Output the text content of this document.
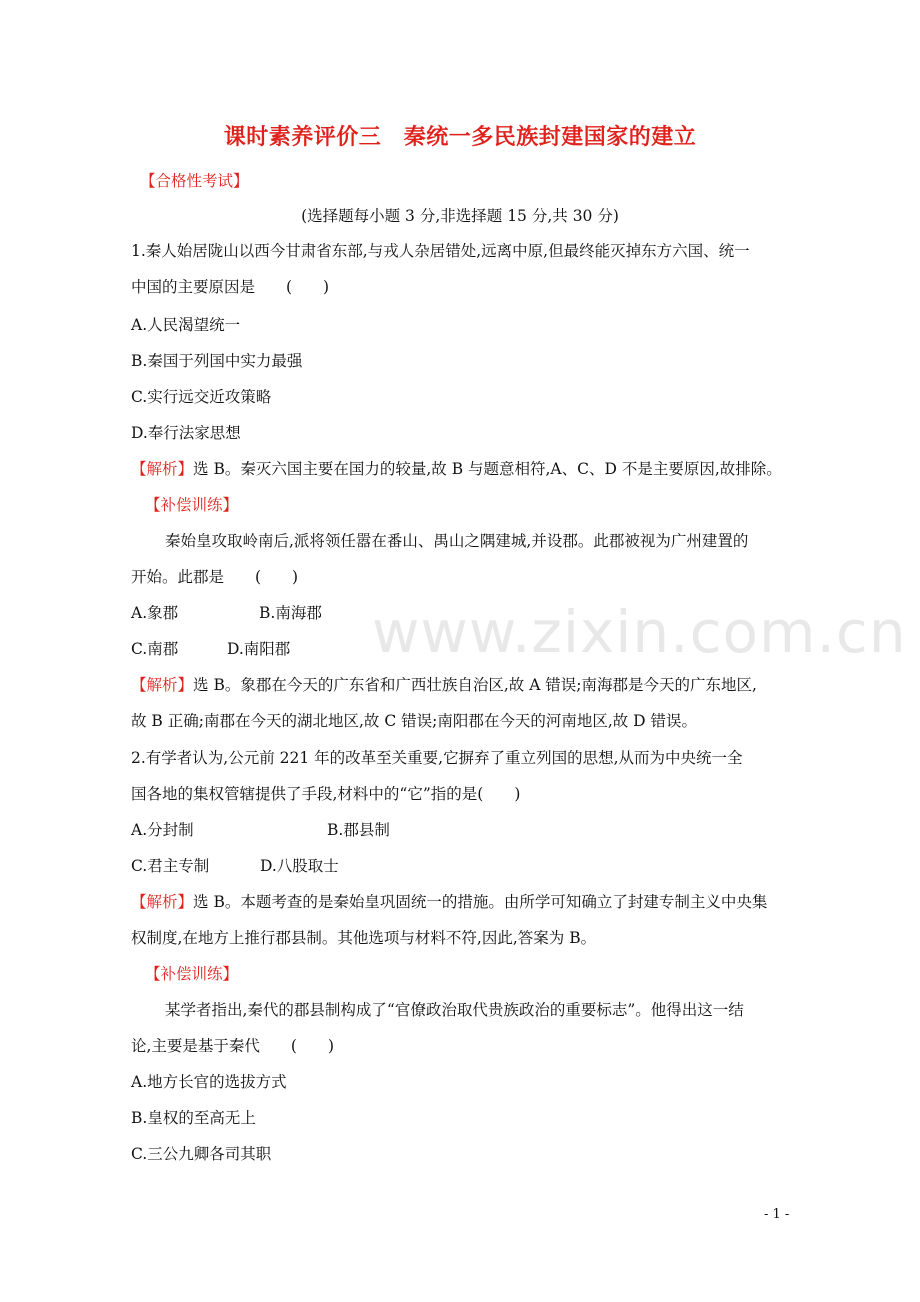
课时素养评价三　秦统一多民族封建国家的建立
【合格性考试】
(选择题每小题 3 分,非选择题 15 分,共 30 分)
1.秦人始居陇山以西今甘肃省东部,与戎人杂居错处,远离中原,但最终能灭掉东方六国、统一
中国的主要原因是　　(　　)
A.人民渴望统一
B.秦国于列国中实力最强
C.实行远交近攻策略
D.奉行法家思想
【解析】选 B。秦灭六国主要在国力的较量,故 B 与题意相符,A、C、D 不是主要原因,故排除。
【补偿训练】
秦始皇攻取岭南后,派将领任嚣在番山、禺山之隅建城,并设郡。此郡被视为广州建置的
开始。此郡是　　(　　)
A.象郡	B.南海郡
C.南郡	D.南阳郡
【解析】选 B。象郡在今天的广东省和广西壮族自治区,故 A 错误;南海郡是今天的广东地区,
故 B 正确;南郡在今天的湖北地区,故 C 错误;南阳郡在今天的河南地区,故 D 错误。
2.有学者认为,公元前 221 年的改革至关重要,它摒弃了重立列国的思想,从而为中央统一全
国各地的集权管辖提供了手段,材料中的“它”指的是(　　)
A.分封制	B.郡县制
C.君主专制	D.八股取士
【解析】选 B。本题考查的是秦始皇巩固统一的措施。由所学可知确立了封建专制主义中央集
权制度,在地方上推行郡县制。其他选项与材料不符,因此,答案为 B。
【补偿训练】
某学者指出,秦代的郡县制构成了“官僚政治取代贵族政治的重要标志”。他得出这一结
论,主要是基于秦代　　(　　)
A.地方长官的选拔方式
B.皇权的至高无上
C.三公九卿各司其职
www.zixin.com.cn
- 1 -
